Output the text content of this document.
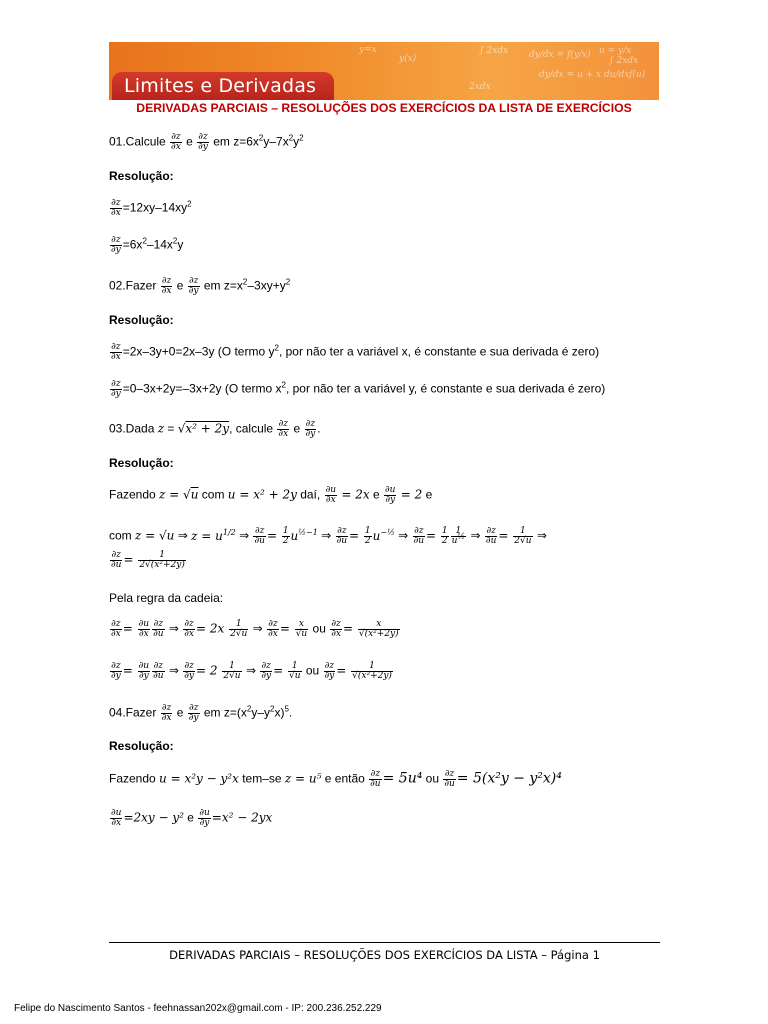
y=x
y(x)
∫ 2xdx dy/dx = f(y/x) u = y/x
dy/dx = u + x du/dx f(u)
2xdx
∫ 2xdx
Limites e Derivadas
DERIVADAS PARCIAIS – RESOLUÇÕES DOS EXERCÍCIOS DA LISTA DE EXERCÍCIOS
01.Calcule $\frac{\partial z}{\partial x}$ e $\frac{\partial z}{\partial y}$ em $z=6x^2y-7x^2y^2$
Resolução:
$\frac{\partial z}{\partial x} =12xy-14xy^2$
$\frac{\partial z}{\partial y} =6x^2-14x^2y$
02.Fazer $\frac{\partial z}{\partial x}$ e $\frac{\partial z}{\partial y}$ em $z=x^2-3xy+y^2$
Resolução:
$\frac{\partial z}{\partial x} =2x-3y+0=2x-3y$ (O termo $y^2$, por não ter a variável x, é constante e sua derivada é zero)
$\frac{\partial z}{\partial y} =0-3x+2y=-3x+2y$ (O termo $x^2$, por não ter a variável y, é constante e sua derivada é zero)
03.Dada z = √x² + 2y, calcule $\frac{\partial z}{\partial x}$ e $\frac{\partial z}{\partial y}$ .
Resolução:
Fazendo z = √u com u = x² + 2y daí, $\frac{\partial u}{\partial x} = 2x$ e $\frac{\partial u}{\partial y} = 2$ e
com z = √u ⇒ $z = u^{1/2}$ ⇒ $\frac{\partial z}{\partial u} = \frac{1}{2} u^{\frac{1}{2}-1}$ ⇒ $\frac{\partial z}{\partial u} = \frac{1}{2} u^{-\frac{1}{2}}$ ⇒ $\frac{\partial z}{\partial u} = \frac{1}{2} \frac{1}{u^{\frac{1}{2}}}$ ⇒ $\frac{\partial z}{\partial u} = \frac{1}{2√u}$ ⇒
$\frac{\partial z}{\partial u} = \frac{1}{\text{2√(x²+2y)}}$
Pela regra da cadeia:
$\frac{\partial z}{\partial x} = \frac{\partial u}{\partial x} \frac{\partial z}{\partial u}$ ⇒ $\frac{\partial z}{\partial x} = 2x \frac{1}{2√u}$ ⇒ $\frac{\partial z}{\partial x} = \frac{x}{√u}$ ou $\frac{\partial z}{\partial x} = \frac{x}{\text{√(x²+2y)}}$
$\frac{\partial z}{\partial y} = \frac{\partial u}{\partial y} \frac{\partial z}{\partial u}$ ⇒ $\frac{\partial z}{\partial y} = 2 \frac{1}{2√u}$ ⇒ $\frac{\partial z}{\partial y} = \frac{1}{√u}$ ou $\frac{\partial z}{\partial y} = \frac{1}{\text{√(x²+2y)}}$
04.Fazer $\frac{\partial z}{\partial x}$ e $\frac{\partial z}{\partial y}$ em $z=(x^2y-y^2x)^5$.
Resolução:
Fazendo u = x²y − y²x tem–se z = u⁵ e então $\frac{\partial z}{\partial u} = 5u^4$ ou $\frac{\partial z}{\partial u} = 5(x^2y - y^2x)^4$
$\frac{\partial u}{\partial x} =2xy - y^2$ e $\frac{\partial u}{\partial y} =x^2 - 2yx$
DERIVADAS PARCIAIS – RESOLUÇÕES DOS EXERCÍCIOS DA LISTA – Página 1
Felipe do Nascimento Santos - feehnassan202x@gmail.com - IP: 200.236.252.229
